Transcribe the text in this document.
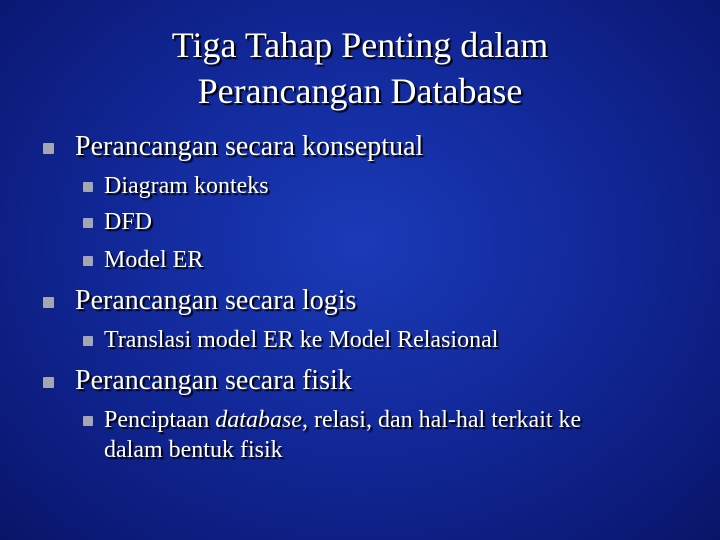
Tiga Tahap Penting dalam
Perancangan Database
Perancangan secara konseptual
Diagram konteks
DFD
Model ER
Perancangan secara logis
Translasi model ER ke Model Relasional
Perancangan secara fisik
Penciptaan database, relasi, dan hal-hal terkait ke
dalam bentuk fisik
